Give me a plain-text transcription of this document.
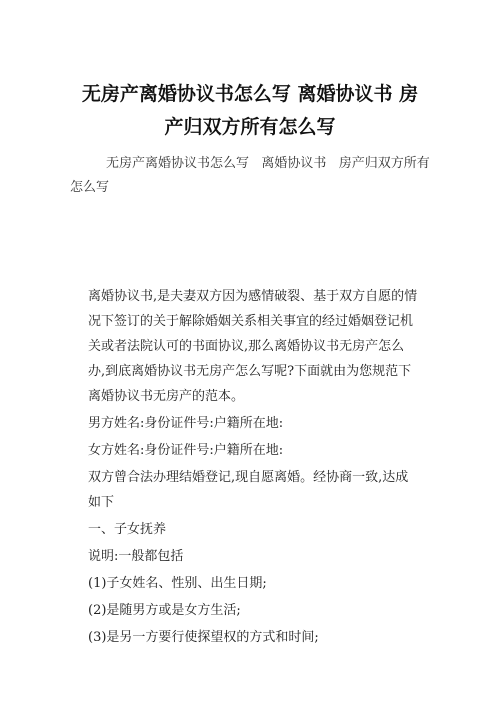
无房产离婚协议书怎么写 离婚协议书 房
产归双方所有怎么写

无房产离婚协议书怎么写   离婚协议书   房产归双方所有怎么写

离婚协议书,是夫妻双方因为感情破裂、基于双方自愿的情况下签订的关于解除婚姻关系相关事宜的经过婚姻登记机关或者法院认可的书面协议,那么离婚协议书无房产怎么办,到底离婚协议书无房产怎么写呢?下面就由为您规范下离婚协议书无房产的范本。

男方姓名:身份证件号:户籍所在地:

女方姓名:身份证件号:户籍所在地:

双方曾合法办理结婚登记,现自愿离婚。经协商一致,达成如下

一、子女抚养

说明:一般都包括

(1)子女姓名、性别、出生日期;

(2)是随男方或是女方生活;

(3)是另一方要行使探望权的方式和时间;
